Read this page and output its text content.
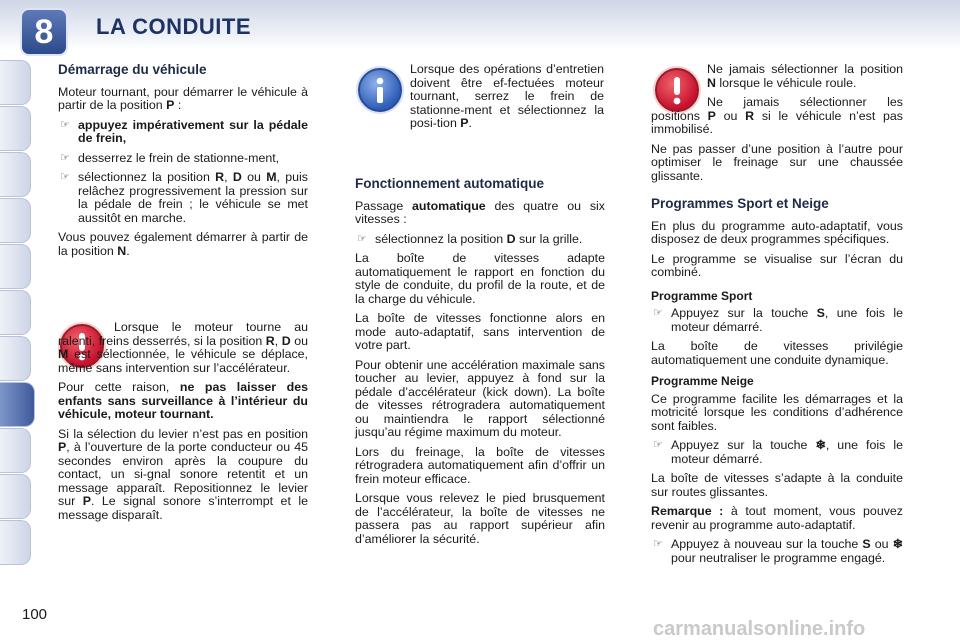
8	LA CONDUITE
Démarrage du véhicule

Moteur tournant, pour démarrer le véhicule à partir de la position P :

☞ appuyez impérativement sur la pédale de frein,
☞ desserrez le frein de stationne-ment,
☞ sélectionnez la position R, D ou M, puis relâchez progressivement la pression sur la pédale de frein ; le véhicule se met aussitôt en marche.

Vous pouvez également démarrer à partir de la position N.

Lorsque le moteur tourne au ralenti, freins desserrés, si la position R, D ou M est sélectionnée, le véhicule se déplace, même sans intervention sur l’accélérateur.

Pour cette raison, ne pas laisser des enfants sans surveillance à l’intérieur du véhicule, moteur tournant.

Si la sélection du levier n’est pas en position P, à l’ouverture de la porte conducteur ou 45 secondes environ après la coupure du contact, un si-gnal sonore retentit et un message apparaît. Repositionnez le levier sur P. Le signal sonore s’interrompt et le message disparaît.

Lorsque des opérations d’entretien doivent être ef-fectuées moteur tournant, serrez le frein de stationne-ment et sélectionnez la posi-tion P.

Fonctionnement automatique

Passage automatique des quatre ou six vitesses :

☞ sélectionnez la position D sur la grille.

La boîte de vitesses adapte automatiquement le rapport en fonction du style de conduite, du profil de la route, et de la charge du véhicule.

La boîte de vitesses fonctionne alors en mode auto-adaptatif, sans intervention de votre part.

Pour obtenir une accélération maximale sans toucher au levier, appuyez à fond sur la pédale d’accélérateur (kick down). La boîte de vitesses rétrogradera automatiquement ou maintiendra le rapport sélectionné jusqu’au régime maximum du moteur.

Lors du freinage, la boîte de vitesses rétrogradera automatiquement afin d’offrir un frein moteur efficace.

Lorsque vous relevez le pied brusquement de l’accélérateur, la boîte de vitesses ne passera pas au rapport supérieur afin d’améliorer la sécurité.

Ne jamais sélectionner la position N lorsque le véhicule roule.

Ne jamais sélectionner les positions P ou R si le véhicule n’est pas immobilisé.

Ne pas passer d’une position à l’autre pour optimiser le freinage sur une chaussée glissante.

Programmes Sport et Neige

En plus du programme auto-adaptatif, vous disposez de deux programmes spécifiques.

Le programme se visualise sur l’écran du combiné.

Programme Sport
☞ Appuyez sur la touche S, une fois le moteur démarré.

La boîte de vitesses privilégie automatiquement une conduite dynamique.

Programme Neige

Ce programme facilite les démarrages et la motricité lorsque les conditions d’adhérence sont faibles.

☞ Appuyez sur la touche ❄, une fois le moteur démarré.

La boîte de vitesses s’adapte à la conduite sur routes glissantes.

Remarque : à tout moment, vous pouvez revenir au programme auto-adaptatif.

☞ Appuyez à nouveau sur la touche S ou ❄ pour neutraliser le programme engagé.
100
carmanualsonline.info
